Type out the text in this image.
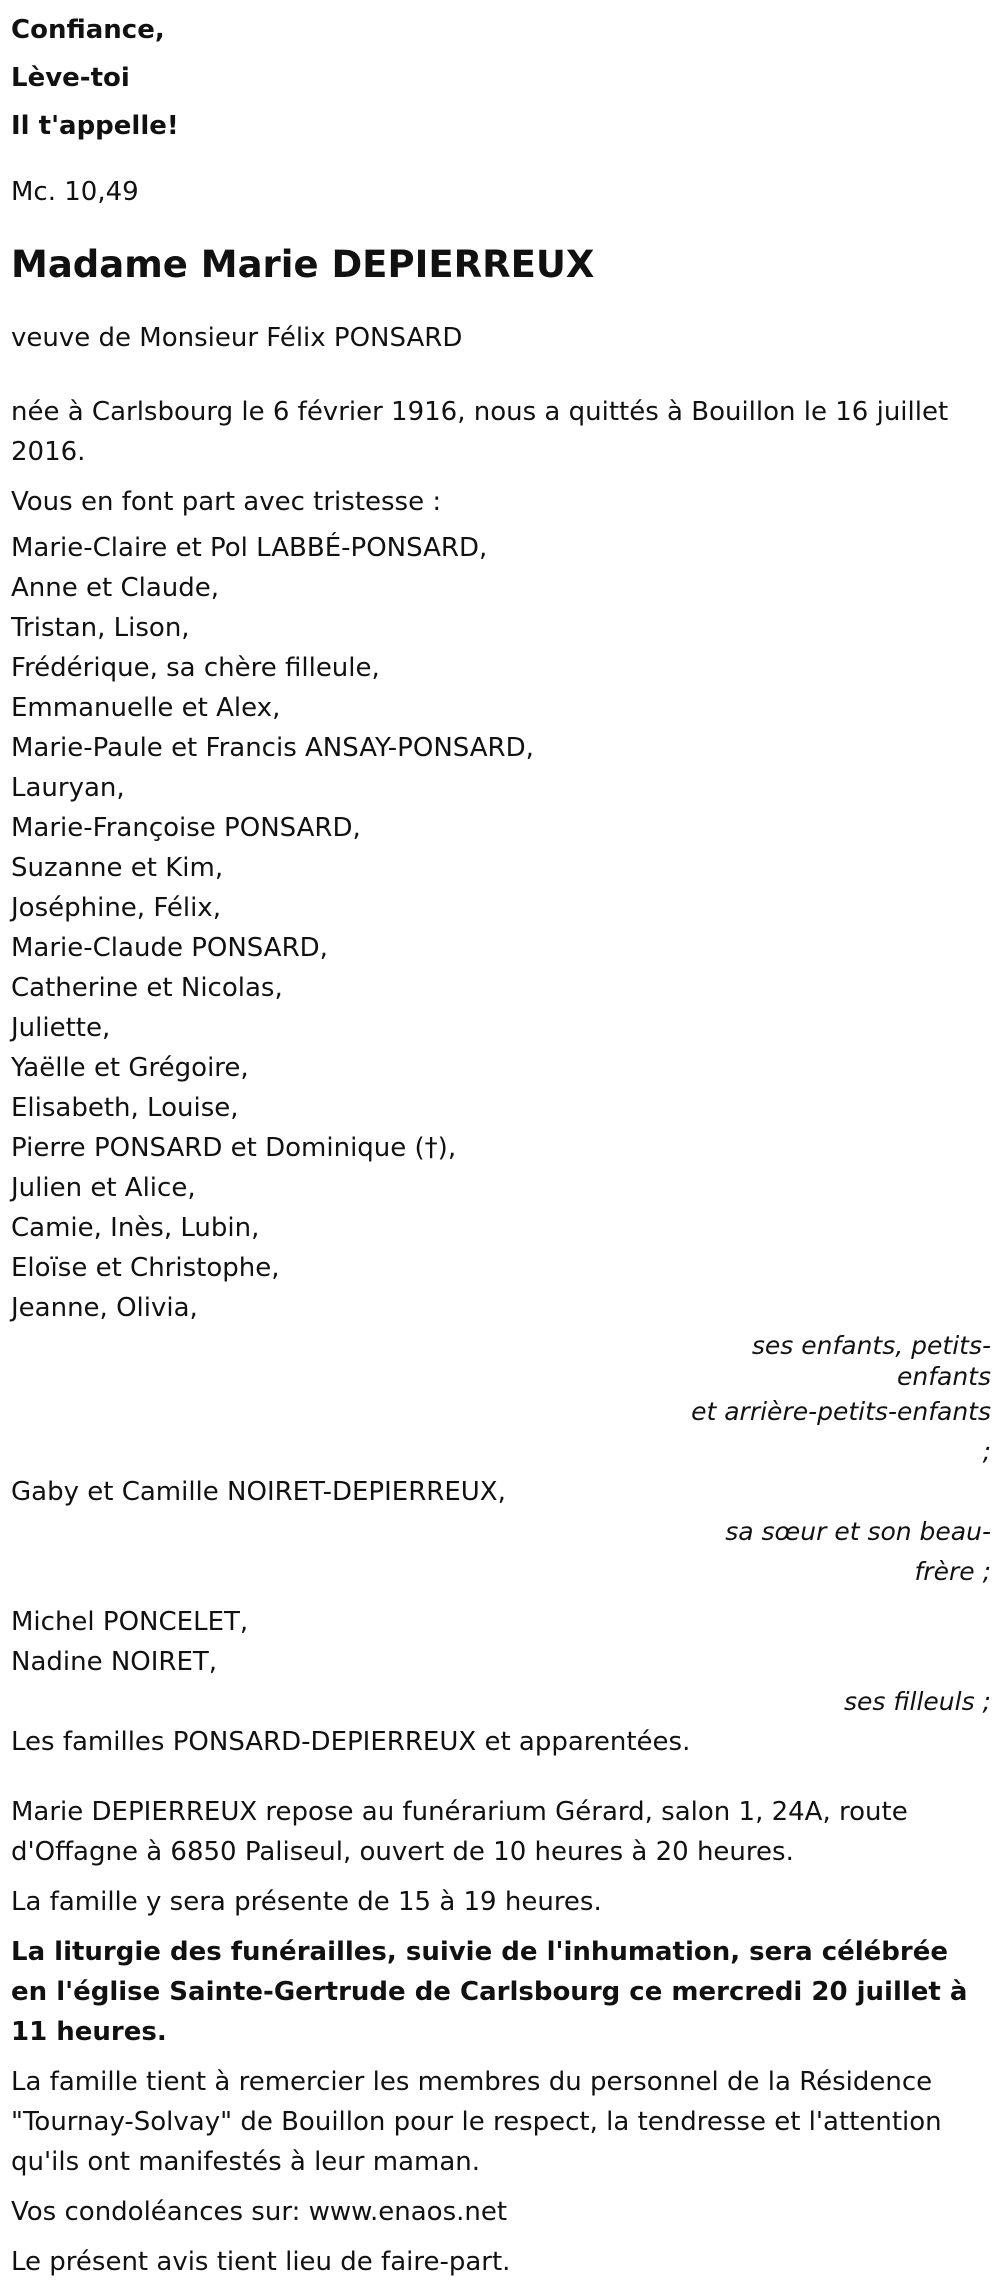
Confiance,

Lève-toi

Il t'appelle!

Mc. 10,49
Madame Marie DEPIERREUX
veuve de Monsieur Félix PONSARD
née à Carlsbourg le 6 février 1916, nous a quittés à Bouillon le 16 juillet 2016.
Vous en font part avec tristesse :
Marie-Claire et Pol LABBÉ-PONSARD,
Anne et Claude,
Tristan, Lison,
Frédérique, sa chère filleule,
Emmanuelle et Alex,
Marie-Paule et Francis ANSAY-PONSARD,
Lauryan,
Marie-Françoise PONSARD,
Suzanne et Kim,
Joséphine, Félix,
Marie-Claude PONSARD,
Catherine et Nicolas,
Juliette,
Yaëlle et Grégoire,
Elisabeth, Louise,
Pierre PONSARD et Dominique (†),
Julien et Alice,
Camie, Inès, Lubin,
Eloïse et Christophe,
Jeanne, Olivia,
ses enfants, petits-enfants
et arrière-petits-enfants ;
Gaby et Camille NOIRET-DEPIERREUX,
sa sœur et son beau-frère ;
Michel PONCELET,
Nadine NOIRET,
ses filleuls ;
Les familles PONSARD-DEPIERREUX et apparentées.
Marie DEPIERREUX repose au funérarium Gérard, salon 1, 24A, route d'Offagne à 6850 Paliseul, ouvert de 10 heures à 20 heures.
La famille y sera présente de 15 à 19 heures.
La liturgie des funérailles, suivie de l'inhumation, sera célébrée en l'église Sainte-Gertrude de Carlsbourg ce mercredi 20 juillet à 11 heures.
La famille tient à remercier les membres du personnel de la Résidence "Tournay-Solvay" de Bouillon pour le respect, la tendresse et l'attention qu'ils ont manifestés à leur maman.
Vos condoléances sur: www.enaos.net
Le présent avis tient lieu de faire-part.
